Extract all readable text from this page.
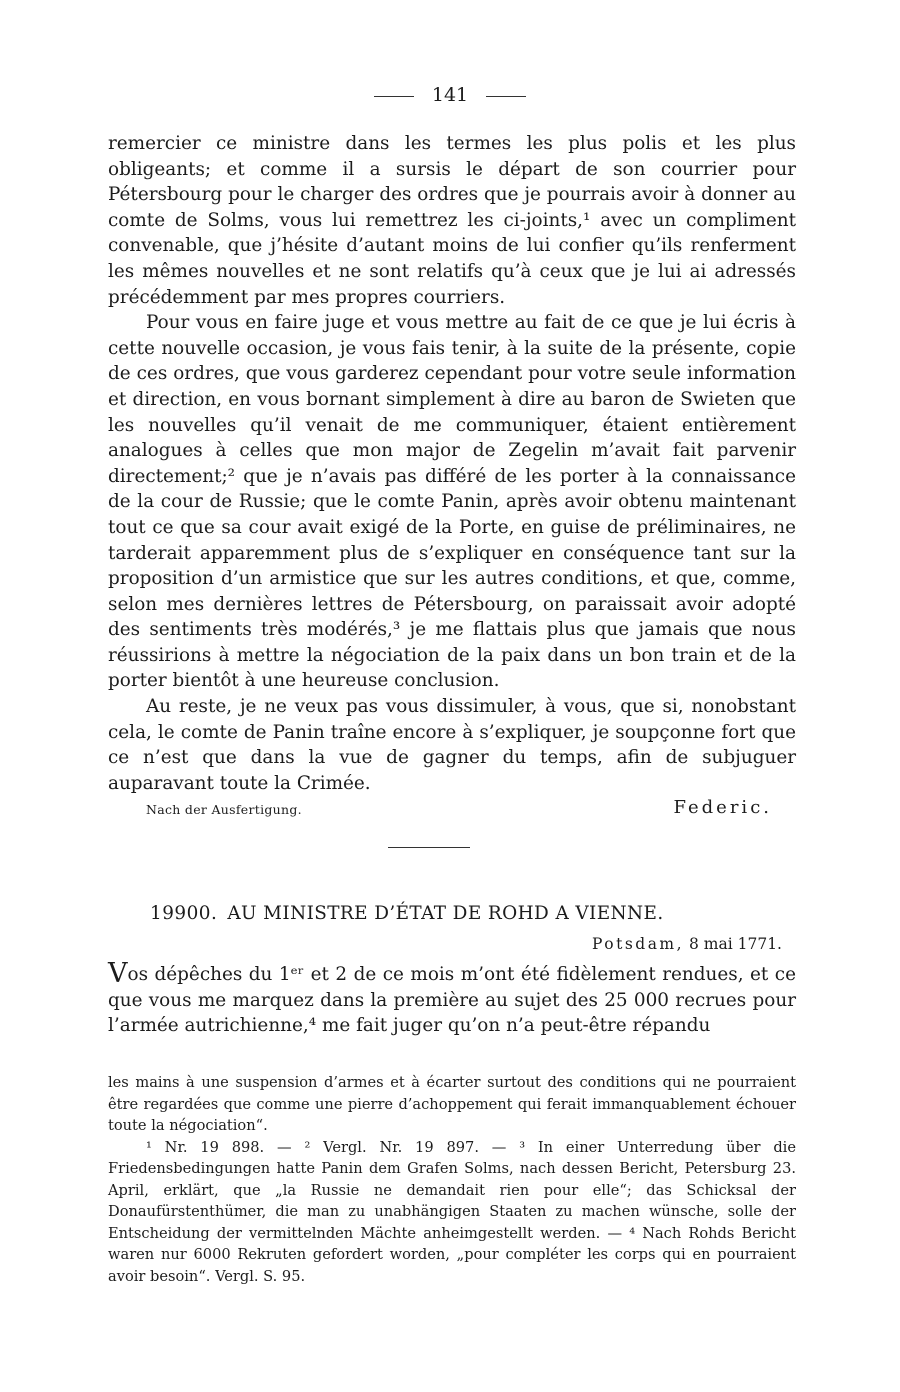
141

remercier ce ministre dans les termes les plus polis et les plus obligeants; et comme il a sursis le départ de son courrier pour Pétersbourg pour le charger des ordres que je pourrais avoir à donner au comte de Solms, vous lui remettrez les ci-joints,¹ avec un compliment convenable, que j’hésite d’autant moins de lui confier qu’ils renferment les mêmes nouvelles et ne sont relatifs qu’à ceux que je lui ai adressés précédemment par mes propres courriers.

Pour vous en faire juge et vous mettre au fait de ce que je lui écris à cette nouvelle occasion, je vous fais tenir, à la suite de la présente, copie de ces ordres, que vous garderez cependant pour votre seule information et direction, en vous bornant simplement à dire au baron de Swieten que les nouvelles qu’il venait de me communiquer, étaient entièrement analogues à celles que mon major de Zegelin m’avait fait parvenir directement;² que je n’avais pas différé de les porter à la connaissance de la cour de Russie; que le comte Panin, après avoir obtenu maintenant tout ce que sa cour avait exigé de la Porte, en guise de préliminaires, ne tarderait apparemment plus de s’expliquer en conséquence tant sur la proposition d’un armistice que sur les autres conditions, et que, comme, selon mes dernières lettres de Pétersbourg, on paraissait avoir adopté des sentiments très modérés,³ je me flattais plus que jamais que nous réussirions à mettre la négociation de la paix dans un bon train et de la porter bientôt à une heureuse conclusion.

Au reste, je ne veux pas vous dissimuler, à vous, que si, nonobstant cela, le comte de Panin traîne encore à s’expliquer, je soupçonne fort que ce n’est que dans la vue de gagner du temps, afin de subjuguer auparavant toute la Crimée.

Nach der Ausfertigung.	Federic.
19900. AU MINISTRE D’ÉTAT DE ROHD A VIENNE.
Potsdam, 8 mai 1771.
Vos dépêches du 1ᵉʳ et 2 de ce mois m’ont été fidèlement rendues, et ce que vous me marquez dans la première au sujet des 25 000 recrues pour l’armée autrichienne,⁴ me fait juger qu’on n’a peut-être répandu

les mains à une suspension d’armes et à écarter surtout des conditions qui ne pourraient être regardées que comme une pierre d’achoppement qui ferait immanquablement échouer toute la négociation“.

¹ Nr. 19 898. — ² Vergl. Nr. 19 897. — ³ In einer Unterredung über die Friedensbedingungen hatte Panin dem Grafen Solms, nach dessen Bericht, Petersburg 23. April, erklärt, que „la Russie ne demandait rien pour elle“; das Schicksal der Donaufürstenthümer, die man zu unabhängigen Staaten zu machen wünsche, solle der Entscheidung der vermittelnden Mächte anheimgestellt werden. — ⁴ Nach Rohds Bericht waren nur 6000 Rekruten gefordert worden, „pour compléter les corps qui en pourraient avoir besoin“. Vergl. S. 95.
